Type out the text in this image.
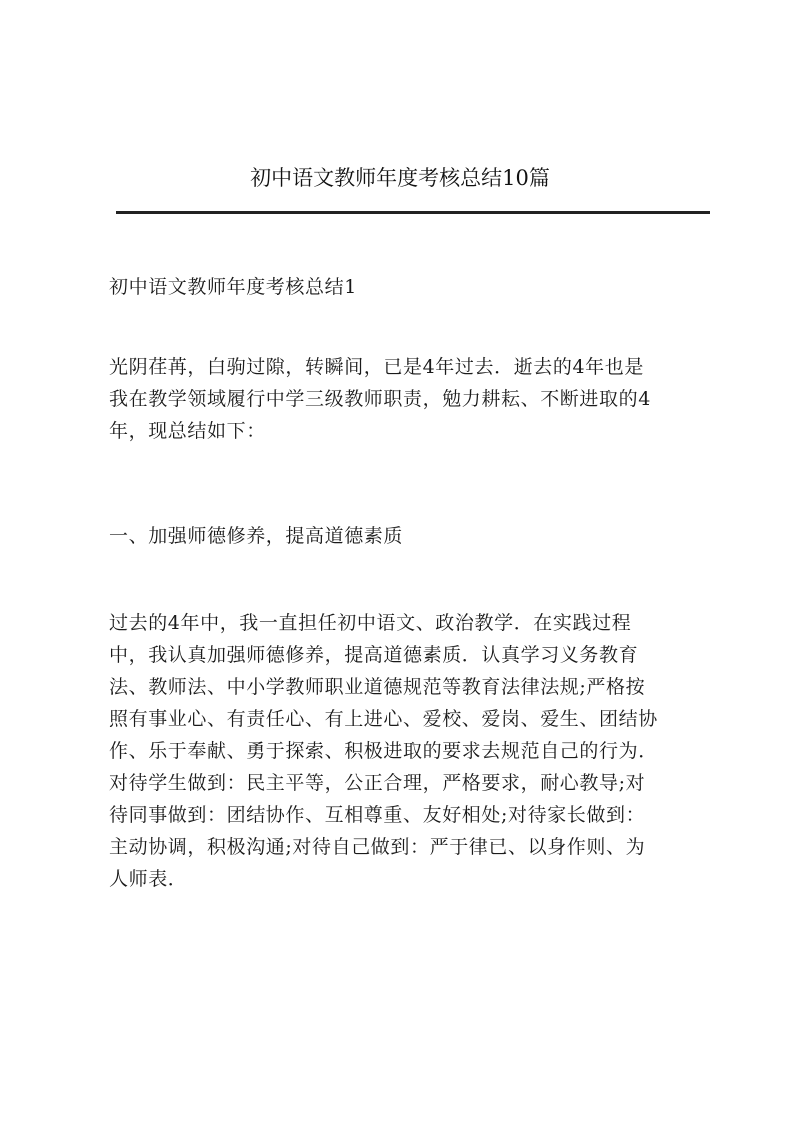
初中语文教师年度考核总结10篇
初中语文教师年度考核总结1
光阴荏苒，白驹过隙，转瞬间，已是4年过去．逝去的4年也是
我在教学领域履行中学三级教师职责，勉力耕耘、不断进取的4
年，现总结如下：
一、加强师德修养，提高道德素质
过去的4年中，我一直担任初中语文、政治教学．在实践过程
中，我认真加强师德修养，提高道德素质．认真学习义务教育
法、教师法、中小学教师职业道德规范等教育法律法规;严格按
照有事业心、有责任心、有上进心、爱校、爱岗、爱生、团结协
作、乐于奉献、勇于探索、积极进取的要求去规范自己的行为．
对待学生做到：民主平等，公正合理，严格要求，耐心教导;对
待同事做到：团结协作、互相尊重、友好相处;对待家长做到：
主动协调，积极沟通;对待自己做到：严于律已、以身作则、为
人师表．
